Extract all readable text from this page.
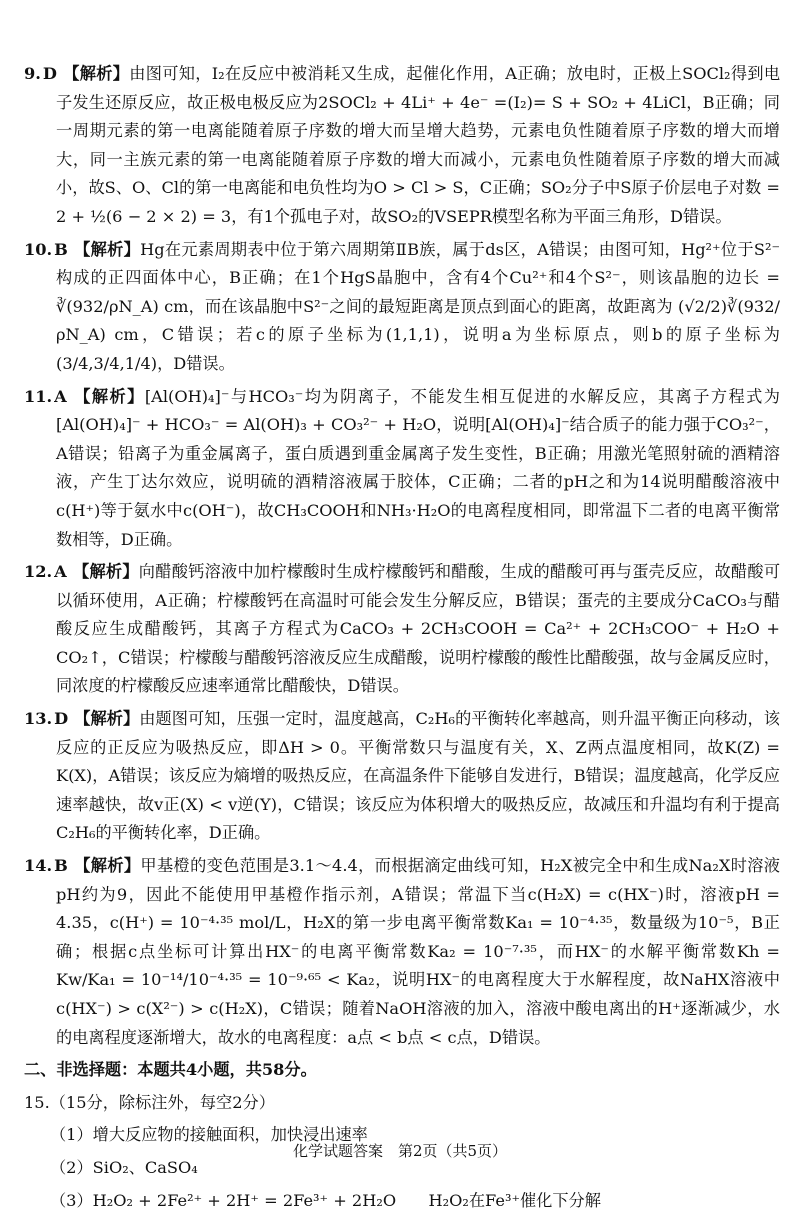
9. D 【解析】由图可知，I₂在反应中被消耗又生成，起催化作用，A正确；放电时，正极上SOCl₂得到电子发生还原反应，故正极电极反应为2SOCl₂ + 4Li⁺ + 4e⁻ =(I₂)= S + SO₂ + 4LiCl，B正确；同一周期元素的第一电离能随着原子序数的增大而呈增大趋势，元素电负性随着原子序数的增大而增大，同一主族元素的第一电离能随着原子序数的增大而减小，元素电负性随着原子序数的增大而减小，故S、O、Cl的第一电离能和电负性均为O > Cl > S，C正确；SO₂分子中S原子价层电子对数 = 2 + ½(6 − 2 × 2) = 3，有1个孤电子对，故SO₂的VSEPR模型名称为平面三角形，D错误。

10. B 【解析】Hg在元素周期表中位于第六周期第ⅡB族，属于ds区，A错误；由图可知，Hg²⁺位于S²⁻构成的正四面体中心，B正确；在1个HgS晶胞中，含有4个Cu²⁺和4个S²⁻，则该晶胞的边长 = ∛(932/ρN_A) cm，而在该晶胞中S²⁻之间的最短距离是顶点到面心的距离，故距离为 (√2/2)∛(932/ρN_A) cm，C错误；若c的原子坐标为(1,1,1)，说明a为坐标原点，则b的原子坐标为(3/4,3/4,1/4)，D错误。

11. A 【解析】[Al(OH)₄]⁻与HCO₃⁻均为阴离子，不能发生相互促进的水解反应，其离子方程式为[Al(OH)₄]⁻ + HCO₃⁻ = Al(OH)₃ + CO₃²⁻ + H₂O，说明[Al(OH)₄]⁻结合质子的能力强于CO₃²⁻，A错误；铅离子为重金属离子，蛋白质遇到重金属离子发生变性，B正确；用激光笔照射硫的酒精溶液，产生丁达尔效应，说明硫的酒精溶液属于胶体，C正确；二者的pH之和为14说明醋酸溶液中c(H⁺)等于氨水中c(OH⁻)，故CH₃COOH和NH₃·H₂O的电离程度相同，即常温下二者的电离平衡常数相等，D正确。

12. A 【解析】向醋酸钙溶液中加柠檬酸时生成柠檬酸钙和醋酸，生成的醋酸可再与蛋壳反应，故醋酸可以循环使用，A正确；柠檬酸钙在高温时可能会发生分解反应，B错误；蛋壳的主要成分CaCO₃与醋酸反应生成醋酸钙，其离子方程式为CaCO₃ + 2CH₃COOH = Ca²⁺ + 2CH₃COO⁻ + H₂O + CO₂↑，C错误；柠檬酸与醋酸钙溶液反应生成醋酸，说明柠檬酸的酸性比醋酸强，故与金属反应时，同浓度的柠檬酸反应速率通常比醋酸快，D错误。

13. D 【解析】由题图可知，压强一定时，温度越高，C₂H₆的平衡转化率越高，则升温平衡正向移动，该反应的正反应为吸热反应，即ΔH > 0。平衡常数只与温度有关，X、Z两点温度相同，故K(Z) = K(X)，A错误；该反应为熵增的吸热反应，在高温条件下能够自发进行，B错误；温度越高，化学反应速率越快，故v正(X) < v逆(Y)，C错误；该反应为体积增大的吸热反应，故减压和升温均有利于提高C₂H₆的平衡转化率，D正确。

14. B 【解析】甲基橙的变色范围是3.1～4.4，而根据滴定曲线可知，H₂X被完全中和生成Na₂X时溶液pH约为9，因此不能使用甲基橙作指示剂，A错误；常温下当c(H₂X) = c(HX⁻)时，溶液pH = 4.35，c(H⁺) = 10⁻⁴·³⁵ mol/L，H₂X的第一步电离平衡常数Ka₁ = 10⁻⁴·³⁵，数量级为10⁻⁵，B正确；根据c点坐标可计算出HX⁻的电离平衡常数Ka₂ = 10⁻⁷·³⁵，而HX⁻的水解平衡常数Kh = Kw/Ka₁ = 10⁻¹⁴/10⁻⁴·³⁵ = 10⁻⁹·⁶⁵ < Ka₂，说明HX⁻的电离程度大于水解程度，故NaHX溶液中c(HX⁻) > c(X²⁻) > c(H₂X)，C错误；随着NaOH溶液的加入，溶液中酸电离出的H⁺逐渐减少，水的电离程度逐渐增大，故水的电离程度：a点 < b点 < c点，D错误。

二、非选择题：本题共4小题，共58分。

15.（15分，除标注外，每空2分）

（1）增大反应物的接触面积，加快浸出速率

（2）SiO₂、CaSO₄

（3）H₂O₂ + 2Fe²⁺ + 2H⁺ = 2Fe³⁺ + 2H₂O　　H₂O₂在Fe³⁺催化下分解

化学试题答案　第2页（共5页）
